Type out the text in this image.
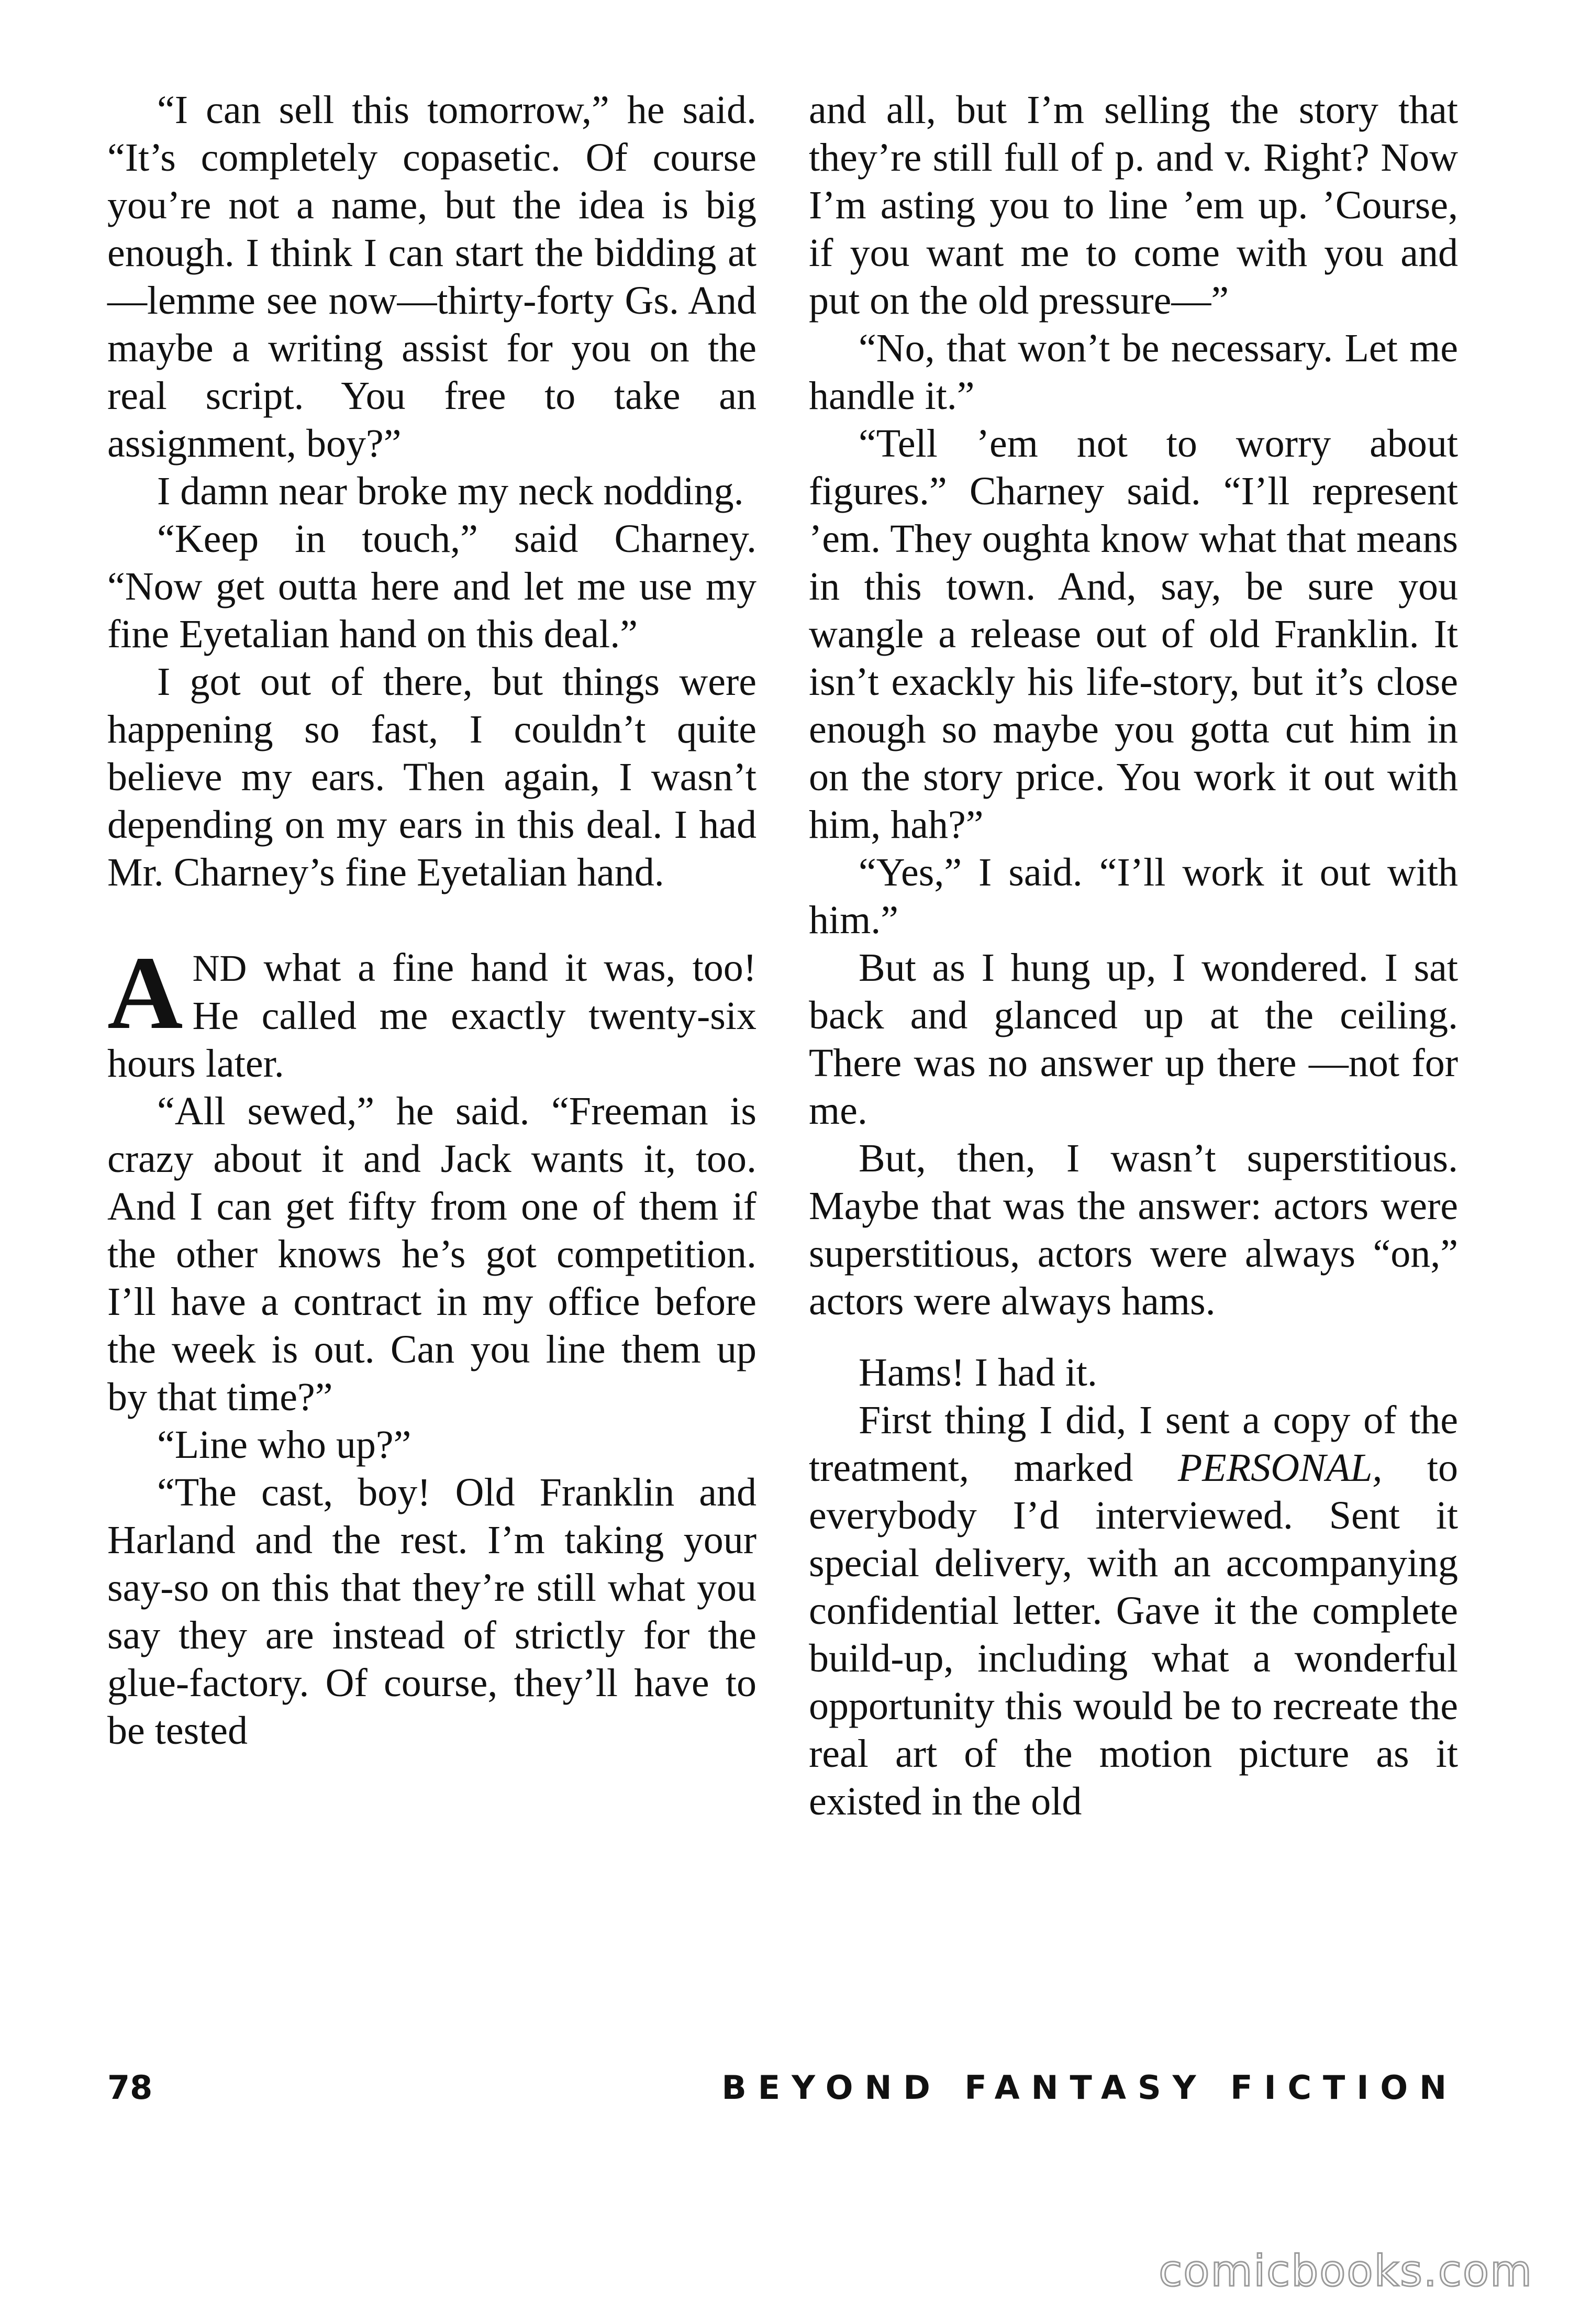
“I can sell this tomorrow,” he said. “It’s completely copasetic. Of course you’re not a name, but the idea is big enough. I think I can start the bidding at—lemme see now—thirty-forty Gs. And maybe a writing assist for you on the real script. You free to take an assignment, boy?”

I damn near broke my neck nodding.

“Keep in touch,” said Charney. “Now get outta here and let me use my fine Eyetalian hand on this deal.”

I got out of there, but things were happening so fast, I couldn’t quite believe my ears. Then again, I wasn’t depending on my ears in this deal. I had Mr. Charney’s fine Eyetalian hand.

AND what a fine hand it was, too! He called me exactly twenty-six hours later.

“All sewed,” he said. “Freeman is crazy about it and Jack wants it, too. And I can get fifty from one of them if the other knows he’s got competition. I’ll have a contract in my office before the week is out. Can you line them up by that time?”

“Line who up?”

“The cast, boy! Old Franklin and Harland and the rest. I’m taking your say-so on this that they’re still what you say they are instead of strictly for the glue-factory. Of course, they’ll have to be tested

and all, but I’m selling the story that they’re still full of p. and v. Right? Now I’m asting you to line ’em up. ’Course, if you want me to come with you and put on the old pressure—”

“No, that won’t be necessary. Let me handle it.”

“Tell ’em not to worry about figures.” Charney said. “I’ll represent ’em. They oughta know what that means in this town. And, say, be sure you wangle a release out of old Franklin. It isn’t exackly his life-story, but it’s close enough so maybe you gotta cut him in on the story price. You work it out with him, hah?”

“Yes,” I said. “I’ll work it out with him.”

But as I hung up, I wondered. I sat back and glanced up at the ceiling. There was no answer up there —not for me.

But, then, I wasn’t superstitious. Maybe that was the answer: actors were superstitious, actors were always “on,” actors were always hams.

Hams! I had it.

First thing I did, I sent a copy of the treatment, marked PERSONAL, to everybody I’d interviewed. Sent it special delivery, with an accompanying confidential letter. Gave it the complete build-up, including what a wonderful opportunity this would be to recreate the real art of the motion picture as it existed in the old

78	BEYOND FANTASY FICTION
comicbooks.com
